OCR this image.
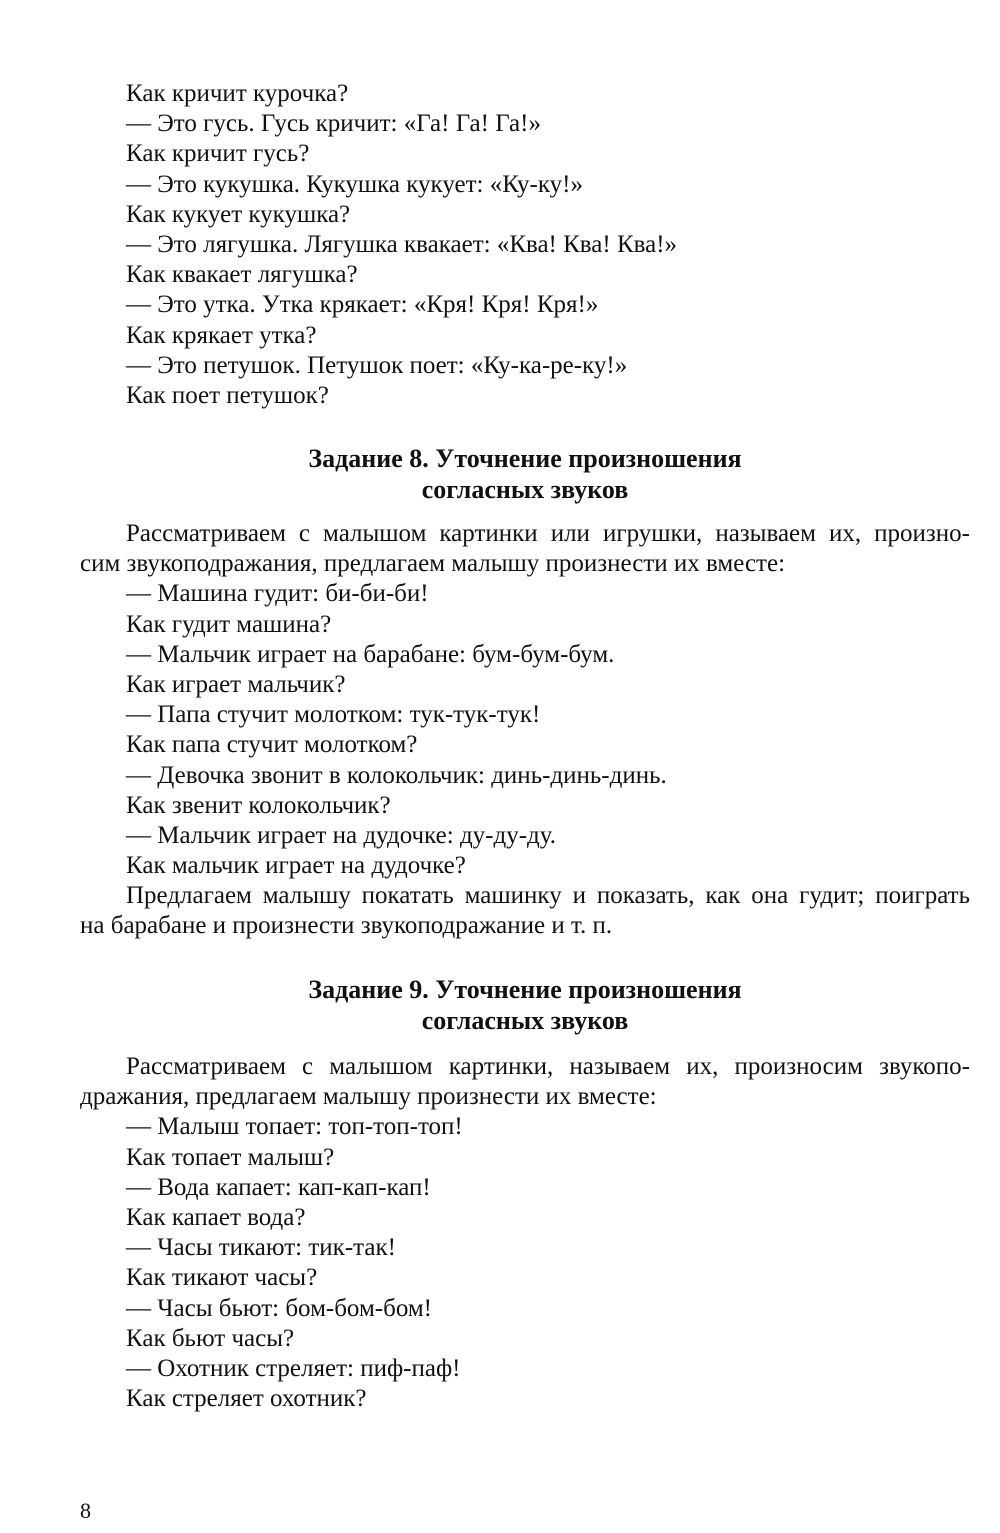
Как кричит курочка?
— Это гусь. Гусь кричит: «Га! Га! Га!»
Как кричит гусь?
— Это кукушка. Кукушка кукует: «Ку-ку!»
Как кукует кукушка?
— Это лягушка. Лягушка квакает: «Ква! Ква! Ква!»
Как квакает лягушка?
— Это утка. Утка крякает: «Кря! Кря! Кря!»
Как крякает утка?
— Это петушок. Петушок поет: «Ку-ка-ре-ку!»
Как поет петушок?
Задание 8. Уточнение произношения
согласных звуков
Рассматриваем с малышом картинки или игрушки, называем их, произно-
сим звукоподражания, предлагаем малышу произнести их вместе:
— Машина гудит: би-би-би!
Как гудит машина?
— Мальчик играет на барабане: бум-бум-бум.
Как играет мальчик?
— Папа стучит молотком: тук-тук-тук!
Как папа стучит молотком?
— Девочка звонит в колокольчик: динь-динь-динь.
Как звенит колокольчик?
— Мальчик играет на дудочке: ду-ду-ду.
Как мальчик играет на дудочке?
Предлагаем малышу покатать машинку и показать, как она гудит; поиграть
на барабане и произнести звукоподражание и т. п.
Задание 9. Уточнение произношения
согласных звуков
Рассматриваем с малышом картинки, называем их, произносим звукопо-
дражания, предлагаем малышу произнести их вместе:
— Малыш топает: топ-топ-топ!
Как топает малыш?
— Вода капает: кап-кап-кап!
Как капает вода?
— Часы тикают: тик-так!
Как тикают часы?
— Часы бьют: бом-бом-бом!
Как бьют часы?
— Охотник стреляет: пиф-паф!
Как стреляет охотник?
8
